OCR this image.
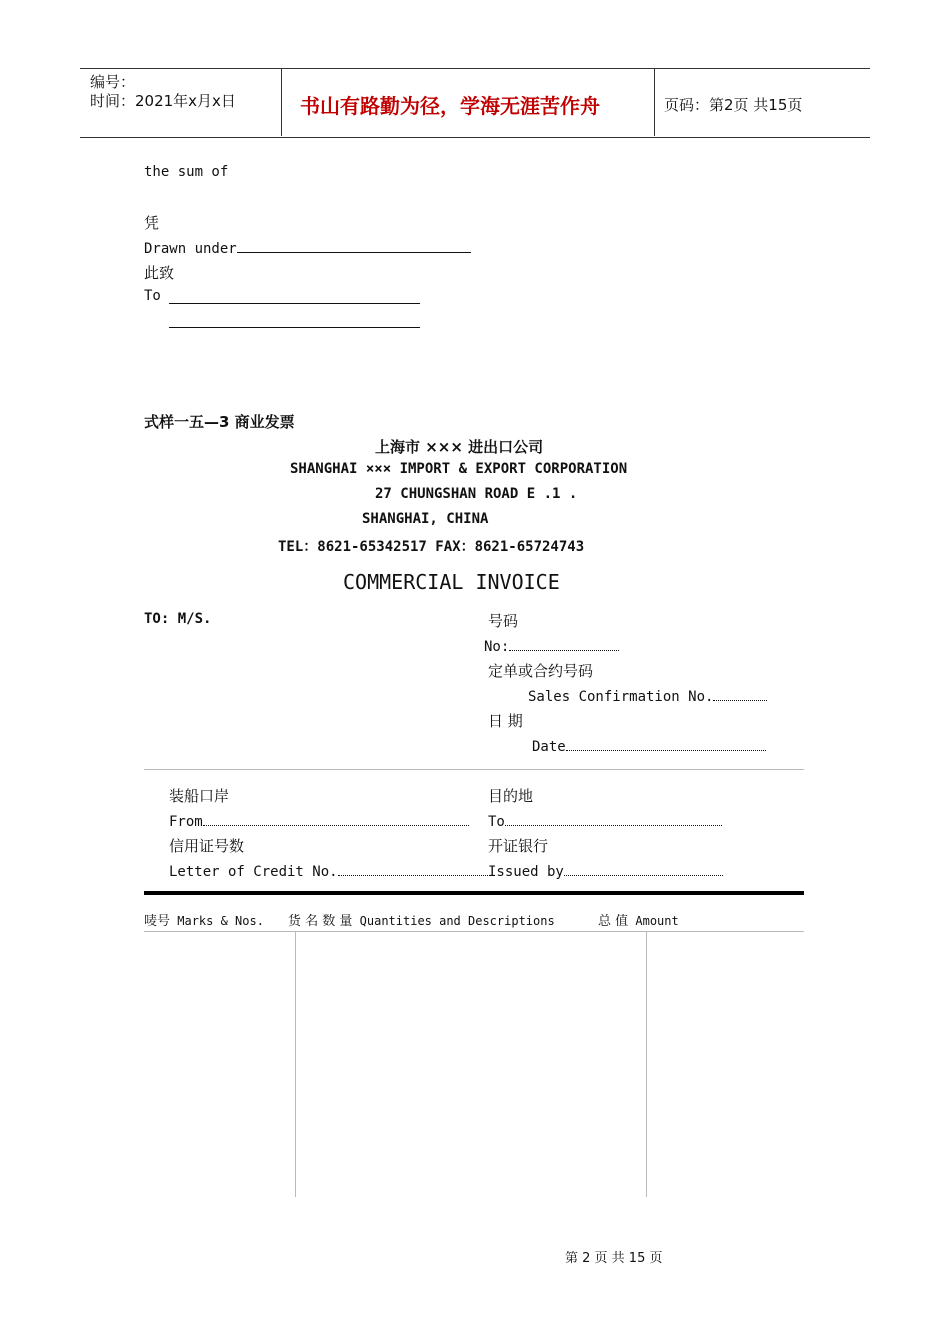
编号：
时间：2021年x月x日	书山有路勤为径，学海无涯苦作舟	页码：第2页 共15页
the sum of
凭
Drawn under
此致
To
式样一五—3 商业发票
上海市 ××× 进出口公司
SHANGHAI ××× IMPORT & EXPORT CORPORATION
27 CHUNGSHAN ROAD E .1 .
SHANGHAI, CHINA
TEL：8621-65342517 FAX：8621-65724743
COMMERCIAL INVOICE
TO: M/S.	号码
No:
定单或合约号码
Sales Confirmation No.
日 期
Date
装船口岸
From
目的地
To
信用证号数
Letter of Credit No.
开证银行
Issued by
唛号 Marks & Nos. 货 名 数 量 Quantities and Descriptions	总 值 Amount
第 2 页 共 15 页
